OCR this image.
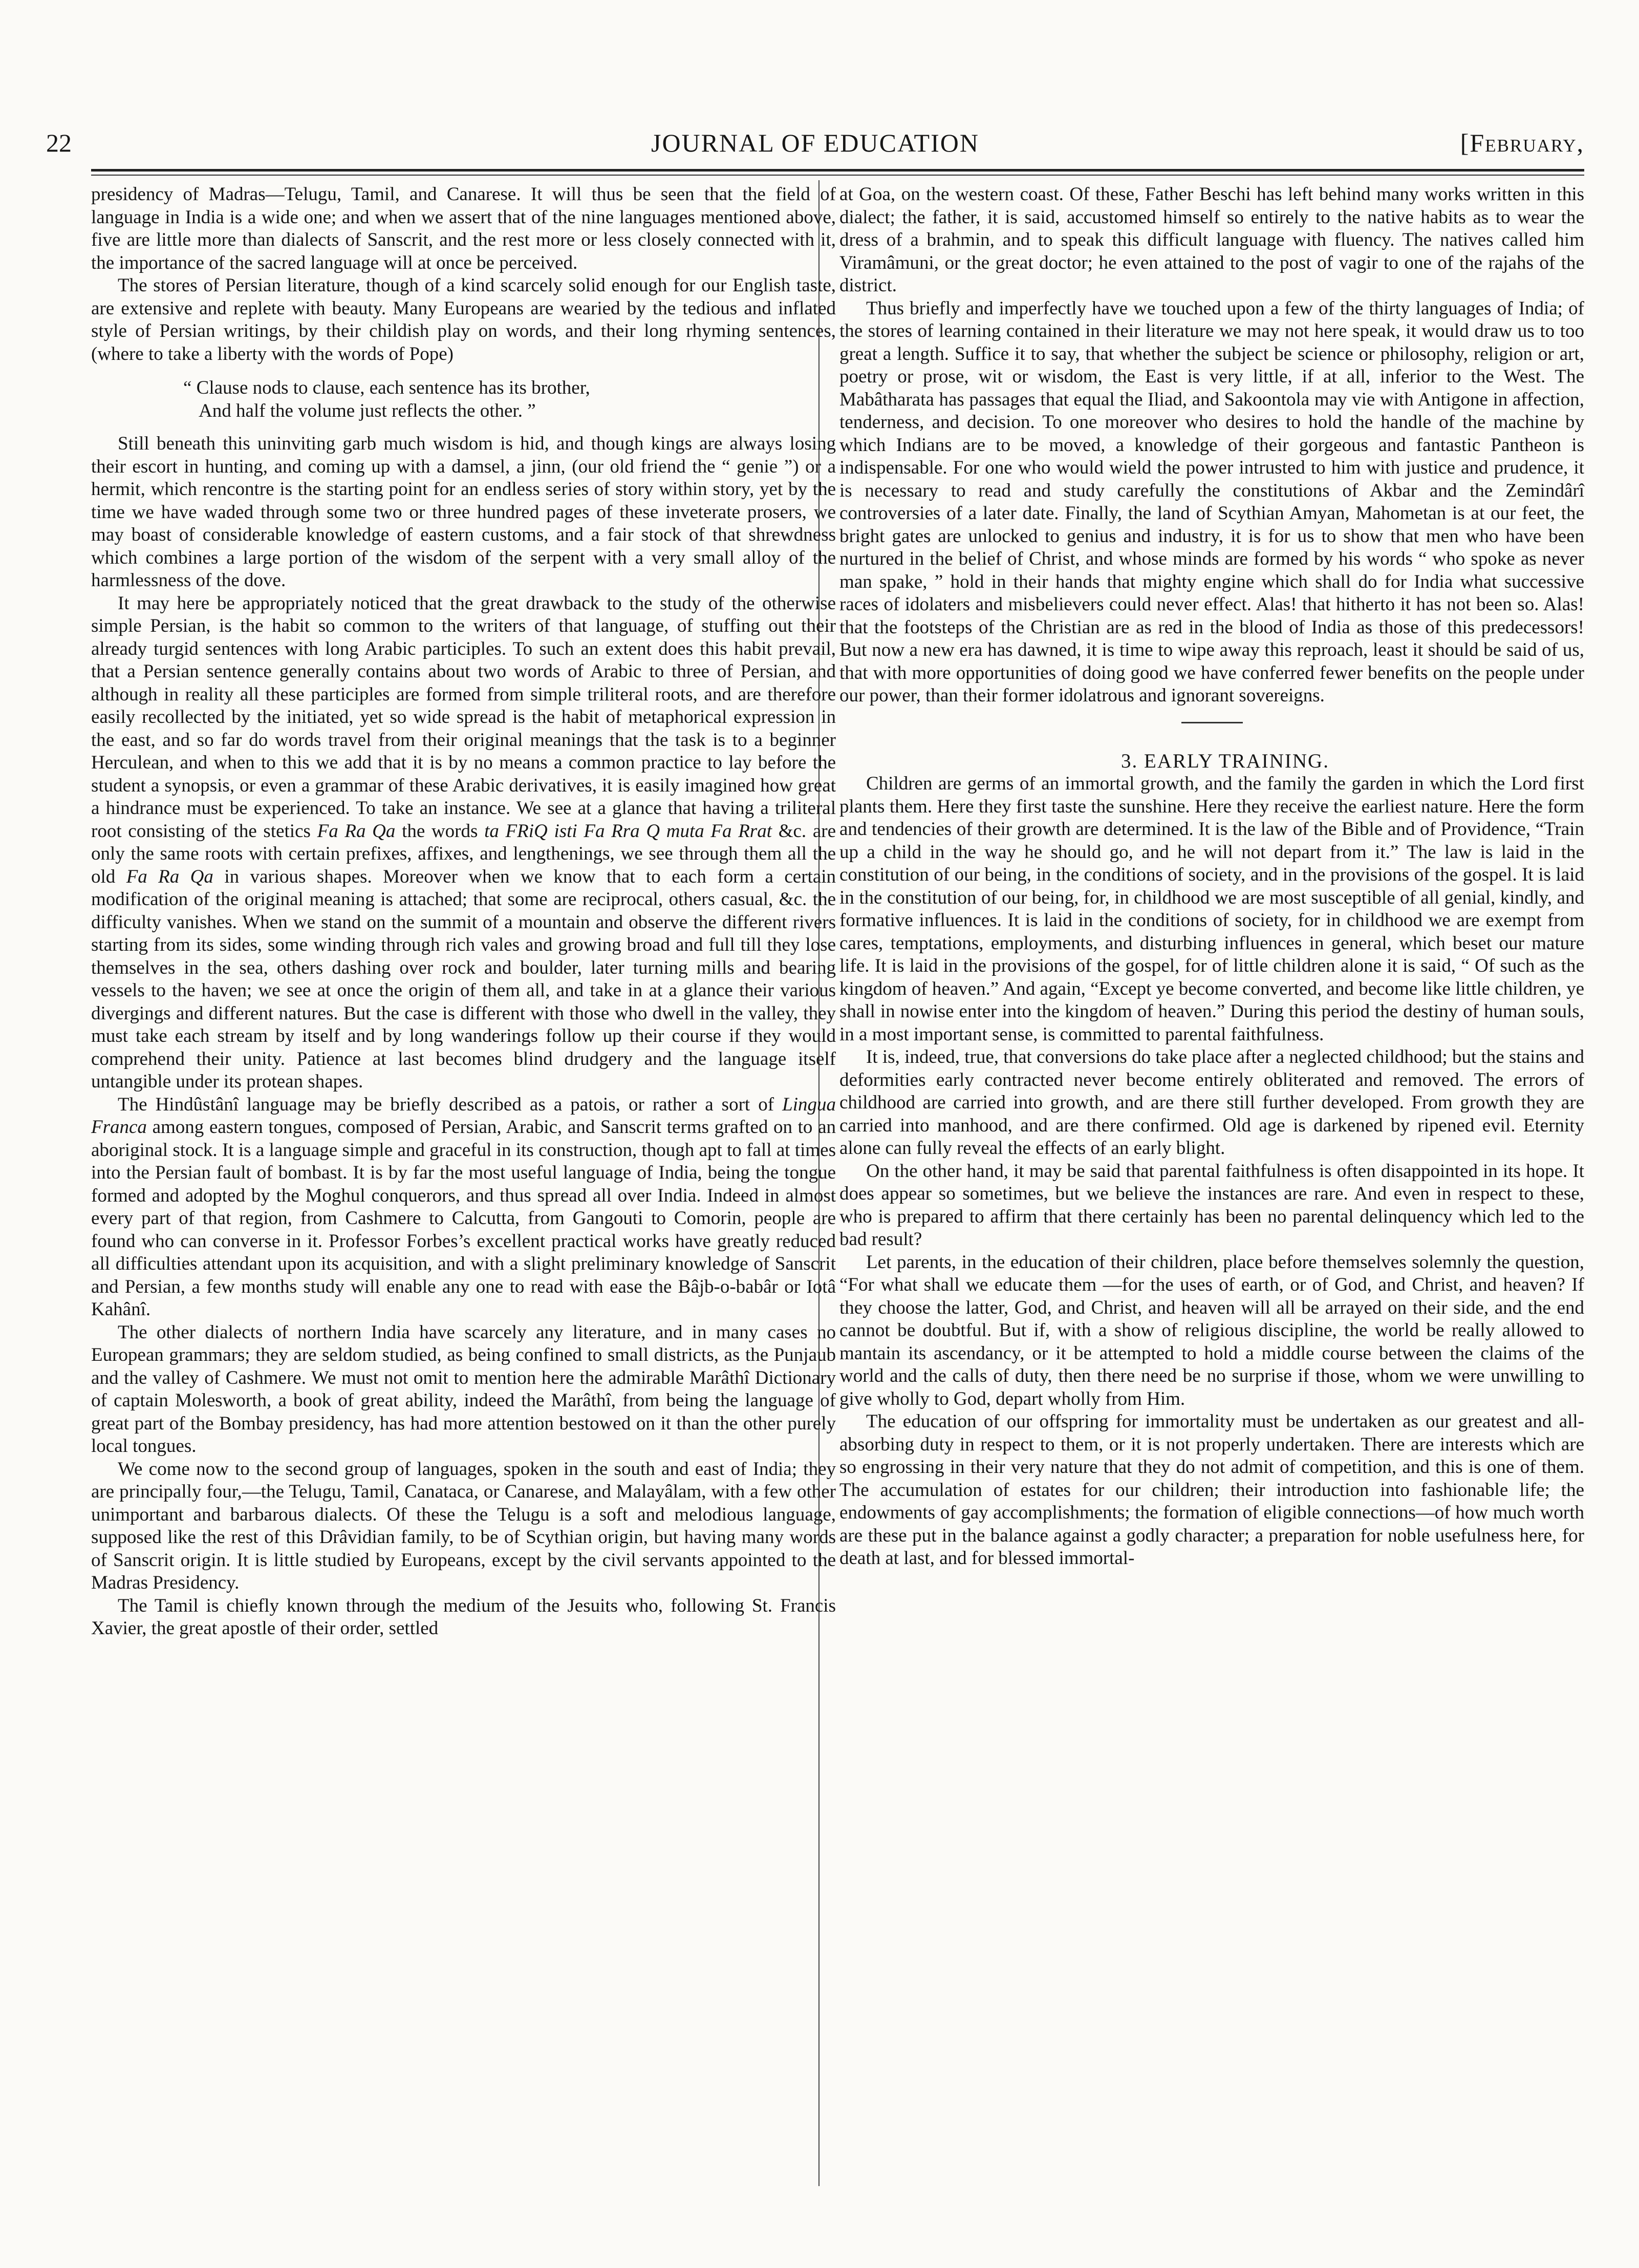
22	JOURNAL OF EDUCATION	[February,

presidency of Madras—Telugu, Tamil, and Canarese. It will thus be seen that the field of language in India is a wide one; and when we assert that of the nine languages mentioned above, five are little more than dialects of Sanscrit, and the rest more or less closely connected with it, the importance of the sacred language will at once be perceived.

The stores of Persian literature, though of a kind scarcely solid enough for our English taste, are extensive and replete with beauty. Many Europeans are wearied by the tedious and inflated style of Persian writings, by their childish play on words, and their long rhyming sentences, (where to take a liberty with the words of Pope)

“ Clause nods to clause, each sentence has its brother,
And half the volume just reflects the other. ”

Still beneath this uninviting garb much wisdom is hid, and though kings are always losing their escort in hunting, and coming up with a damsel, a jinn, (our old friend the “ genie ”) or a hermit, which rencontre is the starting point for an endless series of story within story, yet by the time we have waded through some two or three hundred pages of these inveterate prosers, we may boast of considerable knowledge of eastern customs, and a fair stock of that shrewdness which combines a large portion of the wisdom of the serpent with a very small alloy of the harmlessness of the dove.

It may here be appropriately noticed that the great drawback to the study of the otherwise simple Persian, is the habit so common to the writers of that language, of stuffing out their already turgid sentences with long Arabic participles. To such an extent does this habit prevail, that a Persian sentence generally contains about two words of Arabic to three of Persian, and although in reality all these participles are formed from simple triliteral roots, and are therefore easily recollected by the initiated, yet so wide spread is the habit of metaphorical expression in the east, and so far do words travel from their original meanings that the task is to a beginner Herculean, and when to this we add that it is by no means a common practice to lay before the student a synopsis, or even a grammar of these Arabic derivatives, it is easily imagined how great a hindrance must be experienced. To take an instance. We see at a glance that having a triliteral root consisting of the stetics Fa Ra Qa the words ta FRiQ isti Fa Rra Q muta Fa Rrat &c. are only the same roots with certain prefixes, affixes, and lengthenings, we see through them all the old Fa Ra Qa in various shapes. Moreover when we know that to each form a certain modification of the original meaning is attached; that some are reciprocal, others casual, &c. the difficulty vanishes. When we stand on the summit of a mountain and observe the different rivers starting from its sides, some winding through rich vales and growing broad and full till they lose themselves in the sea, others dashing over rock and boulder, later turning mills and bearing vessels to the haven; we see at once the origin of them all, and take in at a glance their various divergings and different natures. But the case is different with those who dwell in the valley, they must take each stream by itself and by long wanderings follow up their course if they would comprehend their unity. Patience at last becomes blind drudgery and the language itself untangible under its protean shapes.

The Hindûstânî language may be briefly described as a patois, or rather a sort of Lingua Franca among eastern tongues, composed of Persian, Arabic, and Sanscrit terms grafted on to an aboriginal stock. It is a language simple and graceful in its construction, though apt to fall at times into the Persian fault of bombast. It is by far the most useful language of India, being the tongue formed and adopted by the Moghul conquerors, and thus spread all over India. Indeed in almost every part of that region, from Cashmere to Calcutta, from Gangouti to Comorin, people are found who can converse in it. Professor Forbes’s excellent practical works have greatly reduced all difficulties attendant upon its acquisition, and with a slight preliminary knowledge of Sanscrit and Persian, a few months study will enable any one to read with ease the Bâjb-o-babâr or Iotâ Kahânî.

The other dialects of northern India have scarcely any literature, and in many cases no European grammars; they are seldom studied, as being confined to small districts, as the Punjaub and the valley of Cashmere. We must not omit to mention here the admirable Marâthî Dictionary of captain Molesworth, a book of great ability, indeed the Marâthî, from being the language of great part of the Bombay presidency, has had more attention bestowed on it than the other purely local tongues.

We come now to the second group of languages, spoken in the south and east of India; they are principally four,—the Telugu, Tamil, Canataca, or Canarese, and Malayâlam, with a few other unimportant and barbarous dialects. Of these the Telugu is a soft and melodious language, supposed like the rest of this Drâvidian family, to be of Scythian origin, but having many words of Sanscrit origin. It is little studied by Europeans, except by the civil servants appointed to the Madras Presidency.

The Tamil is chiefly known through the medium of the Jesuits who, following St. Francis Xavier, the great apostle of their order, settled

at Goa, on the western coast. Of these, Father Beschi has left behind many works written in this dialect; the father, it is said, accustomed himself so entirely to the native habits as to wear the dress of a brahmin, and to speak this difficult language with fluency. The natives called him Viramâmuni, or the great doctor; he even attained to the post of vagir to one of the rajahs of the district.

Thus briefly and imperfectly have we touched upon a few of the thirty languages of India; of the stores of learning contained in their literature we may not here speak, it would draw us to too great a length. Suffice it to say, that whether the subject be science or philosophy, religion or art, poetry or prose, wit or wisdom, the East is very little, if at all, inferior to the West. The Mabâtharata has passages that equal the Iliad, and Sakoontola may vie with Antigone in affection, tenderness, and decision. To one moreover who desires to hold the handle of the machine by which Indians are to be moved, a knowledge of their gorgeous and fantastic Pantheon is indispensable. For one who would wield the power intrusted to him with justice and prudence, it is necessary to read and study carefully the constitutions of Akbar and the Zemindârî controversies of a later date. Finally, the land of Scythian Amyan, Mahometan is at our feet, the bright gates are unlocked to genius and industry, it is for us to show that men who have been nurtured in the belief of Christ, and whose minds are formed by his words “ who spoke as never man spake, ” hold in their hands that mighty engine which shall do for India what successive races of idolaters and misbelievers could never effect. Alas! that hitherto it has not been so. Alas! that the footsteps of the Christian are as red in the blood of India as those of this predecessors! But now a new era has dawned, it is time to wipe away this reproach, least it should be said of us, that with more opportunities of doing good we have conferred fewer benefits on the people under our power, than their former idolatrous and ignorant sovereigns.

3. EARLY TRAINING.

Children are germs of an immortal growth, and the family the garden in which the Lord first plants them. Here they first taste the sunshine. Here they receive the earliest nature. Here the form and tendencies of their growth are determined. It is the law of the Bible and of Providence, “Train up a child in the way he should go, and he will not depart from it.” The law is laid in the constitution of our being, in the conditions of society, and in the provisions of the gospel. It is laid in the constitution of our being, for, in childhood we are most susceptible of all genial, kindly, and formative influences. It is laid in the conditions of society, for in childhood we are exempt from cares, temptations, employments, and disturbing influences in general, which beset our mature life. It is laid in the provisions of the gospel, for of little children alone it is said, “ Of such as the kingdom of heaven.” And again, “Except ye become converted, and become like little children, ye shall in nowise enter into the kingdom of heaven.” During this period the destiny of human souls, in a most important sense, is committed to parental faithfulness.

It is, indeed, true, that conversions do take place after a neglected childhood; but the stains and deformities early contracted never become entirely obliterated and removed. The errors of childhood are carried into growth, and are there still further developed. From growth they are carried into manhood, and are there confirmed. Old age is darkened by ripened evil. Eternity alone can fully reveal the effects of an early blight.

On the other hand, it may be said that parental faithfulness is often disappointed in its hope. It does appear so sometimes, but we believe the instances are rare. And even in respect to these, who is prepared to affirm that there certainly has been no parental delinquency which led to the bad result?

Let parents, in the education of their children, place before themselves solemnly the question, “For what shall we educate them —for the uses of earth, or of God, and Christ, and heaven? If they choose the latter, God, and Christ, and heaven will all be arrayed on their side, and the end cannot be doubtful. But if, with a show of religious discipline, the world be really allowed to mantain its ascendancy, or it be attempted to hold a middle course between the claims of the world and the calls of duty, then there need be no surprise if those, whom we were unwilling to give wholly to God, depart wholly from Him.

The education of our offspring for immortality must be undertaken as our greatest and all-absorbing duty in respect to them, or it is not properly undertaken. There are interests which are so engrossing in their very nature that they do not admit of competition, and this is one of them. The accumulation of estates for our children; their introduction into fashionable life; the endowments of gay accomplishments; the formation of eligible connections—of how much worth are these put in the balance against a godly character; a preparation for noble usefulness here, for death at last, and for blessed immortal-
